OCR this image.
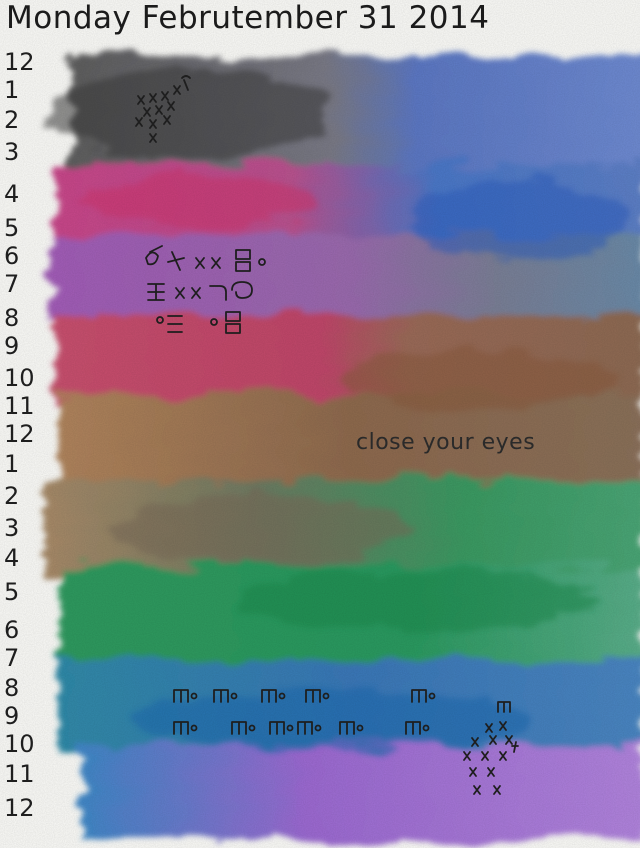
Monday Februtember 31 2014
12
1
2
3
4
5
6
7
8
9
10
11
12
1
2
3
4
5
6
7
8
9
10
11
12
close your eyes
